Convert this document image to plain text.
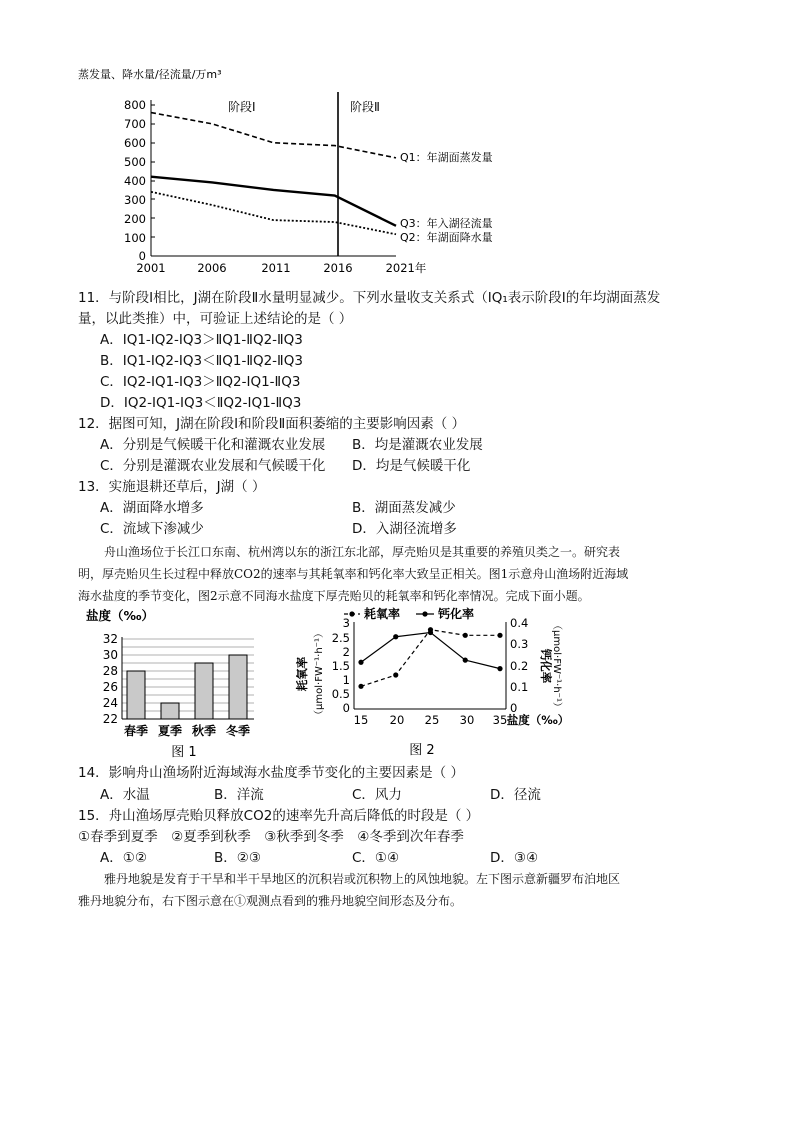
蒸发量、降水量/径流量/万m³
800
700
600
500
400
300
200
100
0
2001	2006	2011	2016	2021年
阶段Ⅰ	阶段Ⅱ
Q1：年湖面蒸发量
Q3：年入湖径流量
Q2：年湖面降水量
11．与阶段Ⅰ相比，J湖在阶段Ⅱ水量明显减少。下列水量收支关系式（ⅠQ₁表示阶段Ⅰ的年均湖面蒸发
量，以此类推）中，可验证上述结论的是（ ）
A．ⅠQ1-ⅠQ2-ⅠQ3＞ⅡQ1-ⅡQ2-ⅡQ3
B．ⅠQ1-ⅠQ2-ⅠQ3＜ⅡQ1-ⅡQ2-ⅡQ3
C．ⅠQ2-ⅠQ1-ⅠQ3＞ⅡQ2-ⅠQ1-ⅡQ3
D．ⅠQ2-ⅠQ1-ⅠQ3＜ⅡQ2-ⅠQ1-ⅡQ3
12．据图可知，J湖在阶段Ⅰ和阶段Ⅱ面积萎缩的主要影响因素（ ）
A．分别是气候暖干化和灌溉农业发展 B．均是灌溉农业发展
C．分别是灌溉农业发展和气候暖干化 D．均是气候暖干化
13．实施退耕还草后，J湖（ ）
A．湖面降水增多	B．湖面蒸发减少
C．流域下渗减少	D．入湖径流增多
舟山渔场位于长江口东南、杭州湾以东的浙江东北部，厚壳贻贝是其重要的养殖贝类之一。研究表
明，厚壳贻贝生长过程中释放CO2的速率与其耗氧率和钙化率大致呈正相关。图1示意舟山渔场附近海域
海水盐度的季节变化，图2示意不同海水盐度下厚壳贻贝的耗氧率和钙化率情况。完成下面小题。
盐度（‰）
32
30
28
26
24
22
春季 夏季 秋季 冬季
图 1
耗氧率	钙化率
耗氧率 （μmol·FW⁻¹·h⁻¹）
3
2.5
2
1.5
1
0.5
0
0.4
0.3
0.2
0.1
0
钙化率
（μmol·FW⁻¹·h⁻¹）
15 20 25 30 35 盐度（‰）
图 2
14．影响舟山渔场附近海域海水盐度季节变化的主要因素是（ ）
A．水温	B．洋流	C．风力	D．径流
15．舟山渔场厚壳贻贝释放CO2的速率先升高后降低的时段是（ ）
①春季到夏季　②夏季到秋季　③秋季到冬季　④冬季到次年春季
A．①②	B．②③	C．①④	D．③④
雅丹地貌是发育于干旱和半干旱地区的沉积岩或沉积物上的风蚀地貌。左下图示意新疆罗布泊地区
雅丹地貌分布，右下图示意在①观测点看到的雅丹地貌空间形态及分布。
